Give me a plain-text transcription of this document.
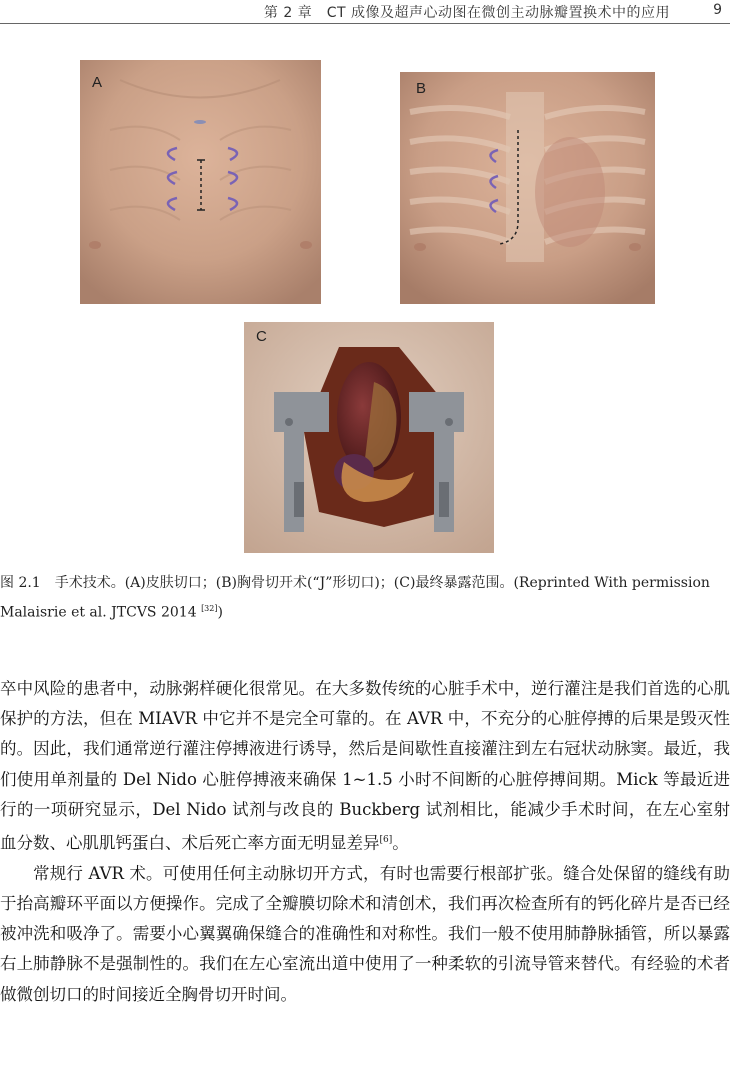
第 2 章　CT 成像及超声心动图在微创主动脉瓣置换术中的应用	9
A	B
C
图 2.1　手术技术。(A)皮肤切口；(B)胸骨切开术(“J”形切口)；(C)最终暴露范围。(Reprinted With permission Malaisrie et al. JTCVS 2014 [32])

卒中风险的患者中，动脉粥样硬化很常见。在大多数传统的心脏手术中，逆行灌注是我们首选的心肌保护的方法，但在 MIAVR 中它并不是完全可靠的。在 AVR 中，不充分的心脏停搏的后果是毁灭性的。因此，我们通常逆行灌注停搏液进行诱导，然后是间歇性直接灌注到左右冠状动脉窦。最近，我们使用单剂量的 Del Nido 心脏停搏液来确保 1~1.5 小时不间断的心脏停搏间期。Mick 等最近进行的一项研究显示，Del Nido 试剂与改良的 Buckberg 试剂相比，能减少手术时间，在左心室射血分数、心肌肌钙蛋白、术后死亡率方面无明显差异[6]。

常规行 AVR 术。可使用任何主动脉切开方式，有时也需要行根部扩张。缝合处保留的缝线有助于抬高瓣环平面以方便操作。完成了全瓣膜切除术和清创术，我们再次检查所有的钙化碎片是否已经被冲洗和吸净了。需要小心翼翼确保缝合的准确性和对称性。我们一般不使用肺静脉插管，所以暴露右上肺静脉不是强制性的。我们在左心室流出道中使用了一种柔软的引流导管来替代。有经验的术者做微创切口的时间接近全胸骨切开时间。
